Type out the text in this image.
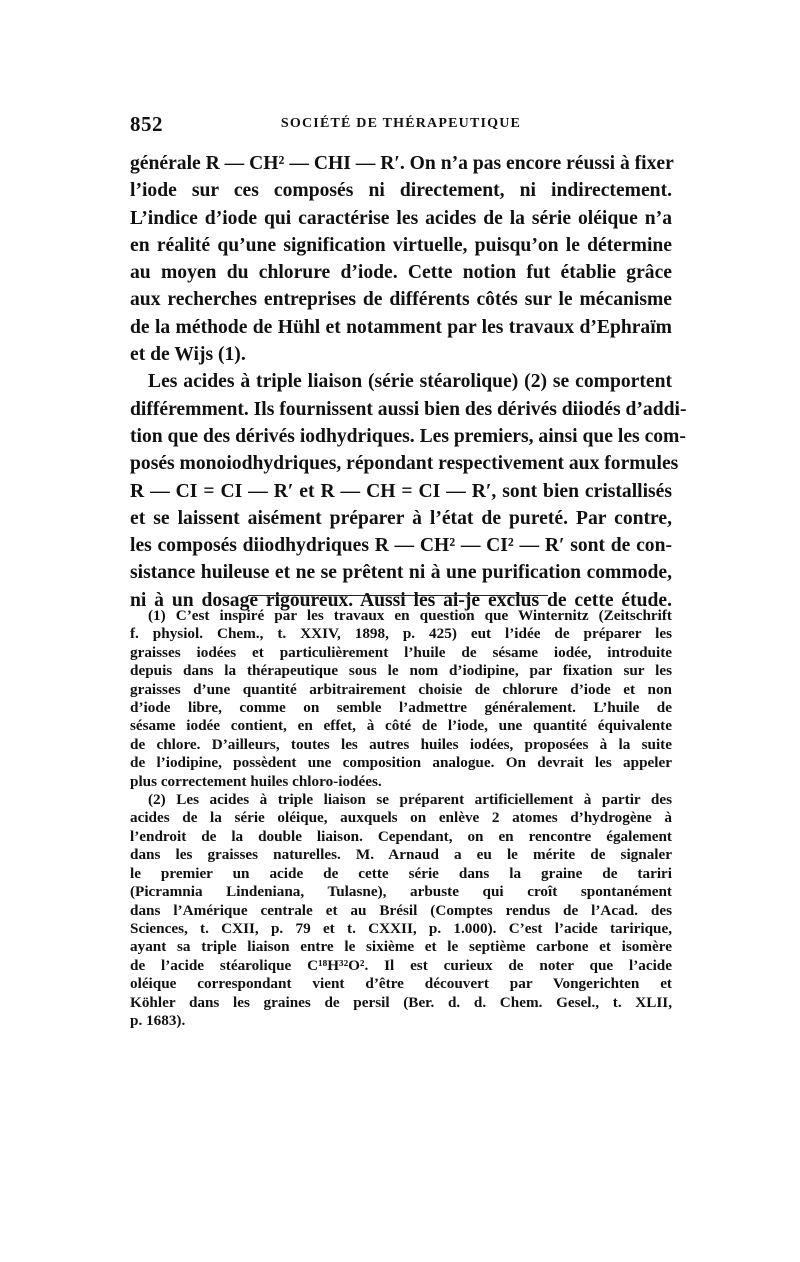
852	SOCIÉTÉ DE THÉRAPEUTIQUE
générale R — CH² — CHI — R′. On n’a pas encore réussi à fixer
l’iode sur ces composés ni directement, ni indirectement.
L’indice d’iode qui caractérise les acides de la série oléique n’a
en réalité qu’une signification virtuelle, puisqu’on le détermine
au moyen du chlorure d’iode. Cette notion fut établie grâce
aux recherches entreprises de différents côtés sur le mécanisme
de la méthode de Hühl et notamment par les travaux d’Ephraïm
et de Wijs (1).
Les acides à triple liaison (série stéarolique) (2) se comportent
différemment. Ils fournissent aussi bien des dérivés diiodés d’addi-
tion que des dérivés iodhydriques. Les premiers, ainsi que les com-
posés monoiodhydriques, répondant respectivement aux formules
R — CI = CI — R′ et R — CH = CI — R′, sont bien cristallisés
et se laissent aisément préparer à l’état de pureté. Par contre,
les composés diiodhydriques R — CH² — CI² — R′ sont de con-
sistance huileuse et ne se prêtent ni à une purification commode,
ni à un dosage rigoureux. Aussi les ai-je exclus de cette étude.
(1) C’est inspiré par les travaux en question que Winternitz (Zeitschrift
f. physiol. Chem., t. XXIV, 1898, p. 425) eut l’idée de préparer les
graisses iodées et particulièrement l’huile de sésame iodée, introduite
depuis dans la thérapeutique sous le nom d’iodipine, par fixation sur les
graisses d’une quantité arbitrairement choisie de chlorure d’iode et non
d’iode libre, comme on semble l’admettre généralement. L’huile de
sésame iodée contient, en effet, à côté de l’iode, une quantité équivalente
de chlore. D’ailleurs, toutes les autres huiles iodées, proposées à la suite
de l’iodipine, possèdent une composition analogue. On devrait les appeler
plus correctement huiles chloro-iodées.
(2) Les acides à triple liaison se préparent artificiellement à partir des
acides de la série oléique, auxquels on enlève 2 atomes d’hydrogène à
l’endroit de la double liaison. Cependant, on en rencontre également
dans les graisses naturelles. M. Arnaud a eu le mérite de signaler
le premier un acide de cette série dans la graine de tariri
(Picramnia Lindeniana, Tulasne), arbuste qui croît spontanément
dans l’Amérique centrale et au Brésil (Comptes rendus de l’Acad. des
Sciences, t. CXII, p. 79 et t. CXXII, p. 1.000). C’est l’acide taririque,
ayant sa triple liaison entre le sixième et le septième carbone et isomère
de l’acide stéarolique C¹⁸H³²O². Il est curieux de noter que l’acide
oléique correspondant vient d’être découvert par Vongerichten et
Köhler dans les graines de persil (Ber. d. d. Chem. Gesel., t. XLII,
p. 1683).
